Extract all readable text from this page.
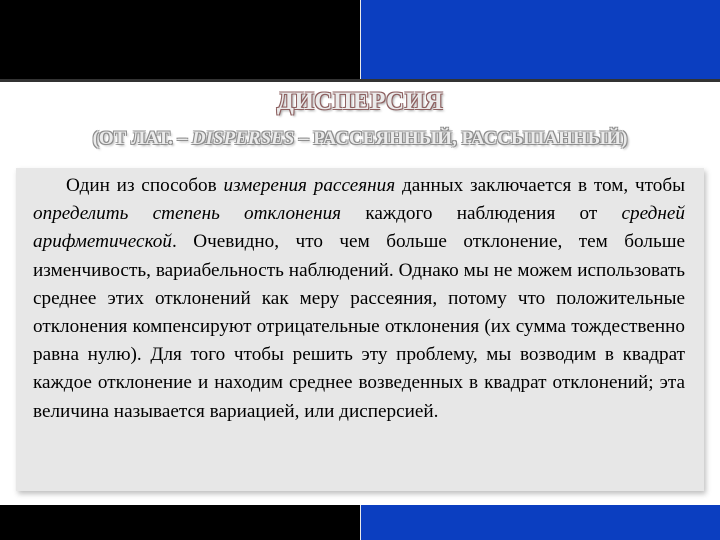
ДИСПЕРСИЯ
(ОТ ЛАТ. – DISPERSES – РАССЕЯННЫЙ, РАССЫПАННЫЙ)

Один из способов измерения рассеяния данных заключается в том, чтобы определить степень отклонения каждого наблюдения от средней арифметической. Очевидно, что чем больше отклонение, тем больше изменчивость, вариабельность наблюдений. Однако мы не можем использовать среднее этих отклонений как меру рассеяния, потому что положительные отклонения компенсируют отрицательные отклонения (их сумма тождественно равна нулю). Для того чтобы решить эту проблему, мы возводим в квадрат каждое отклонение и находим среднее возведенных в квадрат отклонений; эта величина называется вариацией, или дисперсией.
